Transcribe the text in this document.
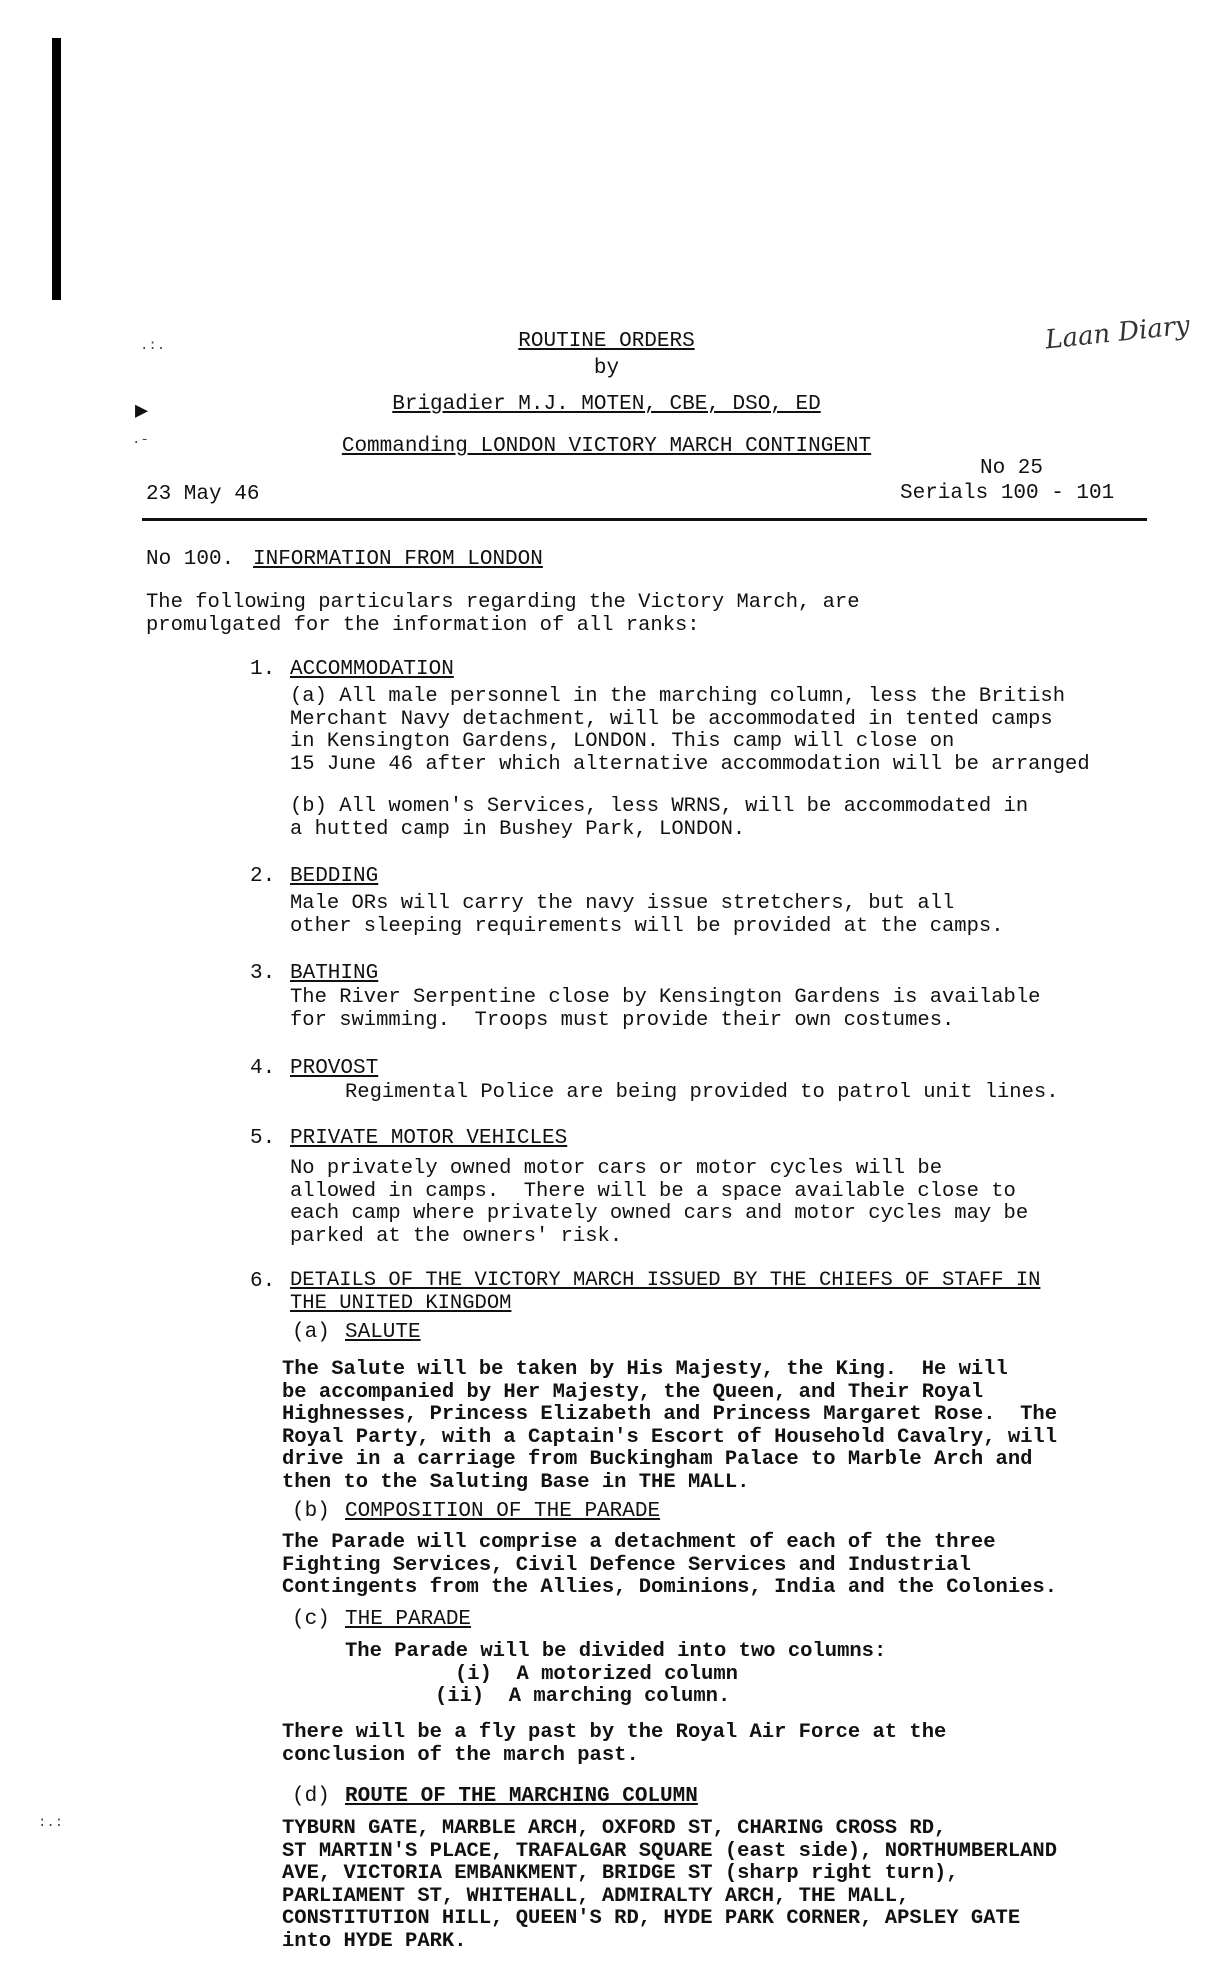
.:.
▶
.-
:.:
ROUTINE ORDERS
by
Brigadier M.J. MOTEN, CBE, DSO, ED
Commanding LONDON VICTORY MARCH CONTINGENT
Laan Diary
23 May 46
No 25
Serials 100 - 101
No 100. INFORMATION FROM LONDON
The following particulars regarding the Victory March, are
promulgated for the information of all ranks:
1. ACCOMMODATION
(a) All male personnel in the marching column, less the British
Merchant Navy detachment, will be accommodated in tented camps
in Kensington Gardens, LONDON. This camp will close on
15 June 46 after which alternative accommodation will be arranged
(b) All women's Services, less WRNS, will be accommodated in
a hutted camp in Bushey Park, LONDON.
2. BEDDING
Male ORs will carry the navy issue stretchers, but all
other sleeping requirements will be provided at the camps.
3. BATHING
The River Serpentine close by Kensington Gardens is available
for swimming.  Troops must provide their own costumes.
4. PROVOST
Regimental Police are being provided to patrol unit lines.
5. PRIVATE MOTOR VEHICLES
No privately owned motor cars or motor cycles will be
allowed in camps.  There will be a space available close to
each camp where privately owned cars and motor cycles may be
parked at the owners' risk.
6. DETAILS OF THE VICTORY MARCH ISSUED BY THE CHIEFS OF STAFF IN
THE UNITED KINGDOM
(a) SALUTE
The Salute will be taken by His Majesty, the King.  He will
be accompanied by Her Majesty, the Queen, and Their Royal
Highnesses, Princess Elizabeth and Princess Margaret Rose.  The
Royal Party, with a Captain's Escort of Household Cavalry, will
drive in a carriage from Buckingham Palace to Marble Arch and
then to the Saluting Base in THE MALL.
(b) COMPOSITION OF THE PARADE
The Parade will comprise a detachment of each of the three
Fighting Services, Civil Defence Services and Industrial
Contingents from the Allies, Dominions, India and the Colonies.
(c) THE PARADE
The Parade will be divided into two columns:
(i)  A motorized column
(ii)  A marching column.
There will be a fly past by the Royal Air Force at the
conclusion of the march past.
(d) ROUTE OF THE MARCHING COLUMN
TYBURN GATE, MARBLE ARCH, OXFORD ST, CHARING CROSS RD,
ST MARTIN'S PLACE, TRAFALGAR SQUARE (east side), NORTHUMBERLAND
AVE, VICTORIA EMBANKMENT, BRIDGE ST (sharp right turn),
PARLIAMENT ST, WHITEHALL, ADMIRALTY ARCH, THE MALL,
CONSTITUTION HILL, QUEEN'S RD, HYDE PARK CORNER, APSLEY GATE
into HYDE PARK.
